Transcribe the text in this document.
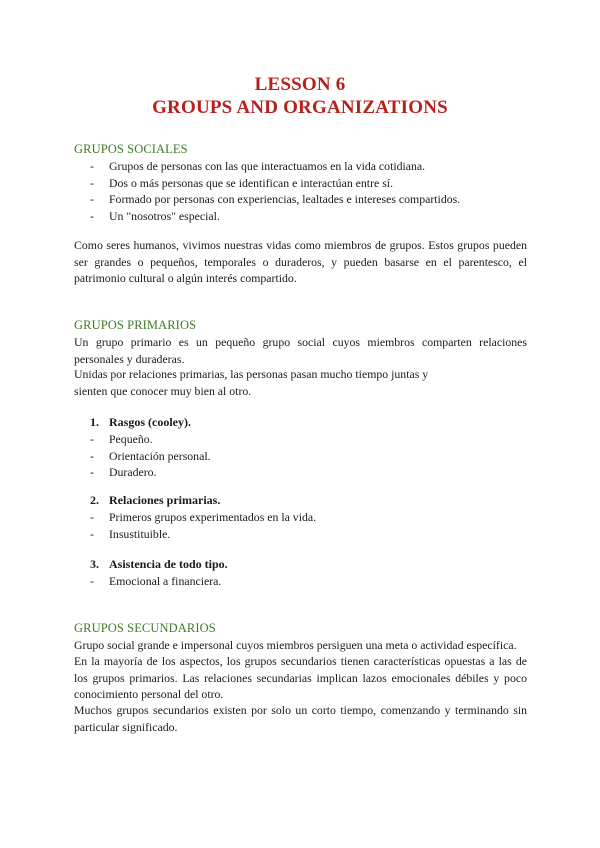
LESSON 6
GROUPS AND ORGANIZATIONS
GRUPOS SOCIALES
- Grupos de personas con las que interactuamos en la vida cotidiana.
- Dos o más personas que se identifican e interactúan entre sí.
- Formado por personas con experiencias, lealtades e intereses compartidos.
- Un "nosotros" especial.

Como seres humanos, vivimos nuestras vidas como miembros de grupos. Estos grupos pueden ser grandes o pequeños, temporales o duraderos, y pueden basarse en el parentesco, el patrimonio cultural o algún interés compartido.

GRUPOS PRIMARIOS

Un grupo primario es un pequeño grupo social cuyos miembros comparten relaciones personales y duraderas.

Unidas por relaciones primarias, las personas pasan mucho tiempo juntas y sienten que conocer muy bien al otro.

1. Rasgos (cooley).
- Pequeño.
- Orientación personal.
- Duradero.
2. Relaciones primarias.
- Primeros grupos experimentados en la vida.
- Insustituible.
3. Asistencia de todo tipo.
- Emocional a financiera.
GRUPOS SECUNDARIOS

Grupo social grande e impersonal cuyos miembros persiguen una meta o actividad específica.

En la mayoría de los aspectos, los grupos secundarios tienen características opuestas a las de los grupos primarios. Las relaciones secundarias implican lazos emocionales débiles y poco conocimiento personal del otro.

Muchos grupos secundarios existen por solo un corto tiempo, comenzando y terminando sin particular significado.
